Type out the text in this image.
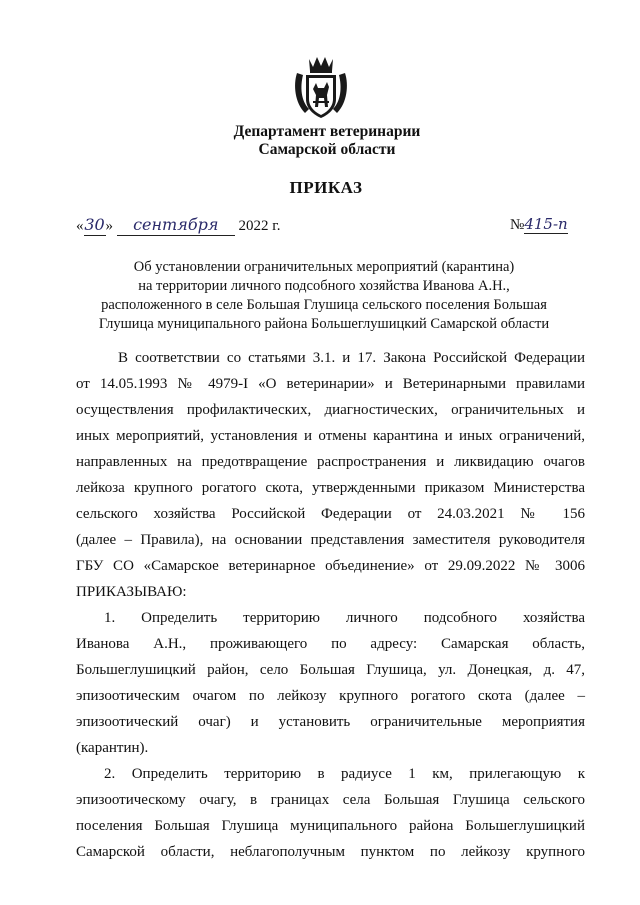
Департамент ветеринарии
Самарской области
ПРИКАЗ
«30» сентября 2022 г.	№415-п
Об установлении ограничительных мероприятий (карантина)
на территории личного подсобного хозяйства Иванова А.Н.,
расположенного в селе Большая Глушица сельского поселения Большая
Глушица муниципального района Большеглушицкий Самарской области
В соответствии со статьями 3.1. и 17. Закона Российской Федерации
от 14.05.1993 № 4979-I «О ветеринарии» и Ветеринарными правилами
осуществления профилактических, диагностических, ограничительных и
иных мероприятий, установления и отмены карантина и иных ограничений,
направленных на предотвращение распространения и ликвидацию очагов
лейкоза крупного рогатого скота, утвержденными приказом Министерства
сельского хозяйства Российской Федерации от 24.03.2021 № 156
(далее – Правила), на основании представления заместителя руководителя
ГБУ СО «Самарское ветеринарное объединение» от 29.09.2022 № 3006
ПРИКАЗЫВАЮ:
1. Определить территорию личного подсобного хозяйства
Иванова А.Н., проживающего по адресу: Самарская область,
Большеглушицкий район, село Большая Глушица, ул. Донецкая, д. 47,
эпизоотическим очагом по лейкозу крупного рогатого скота (далее –
эпизоотический очаг) и установить ограничительные мероприятия
(карантин).
2. Определить территорию в радиусе 1 км, прилегающую к
эпизоотическому очагу, в границах села Большая Глушица сельского
поселения Большая Глушица муниципального района Большеглушицкий
Самарской области, неблагополучным пунктом по лейкозу крупного
